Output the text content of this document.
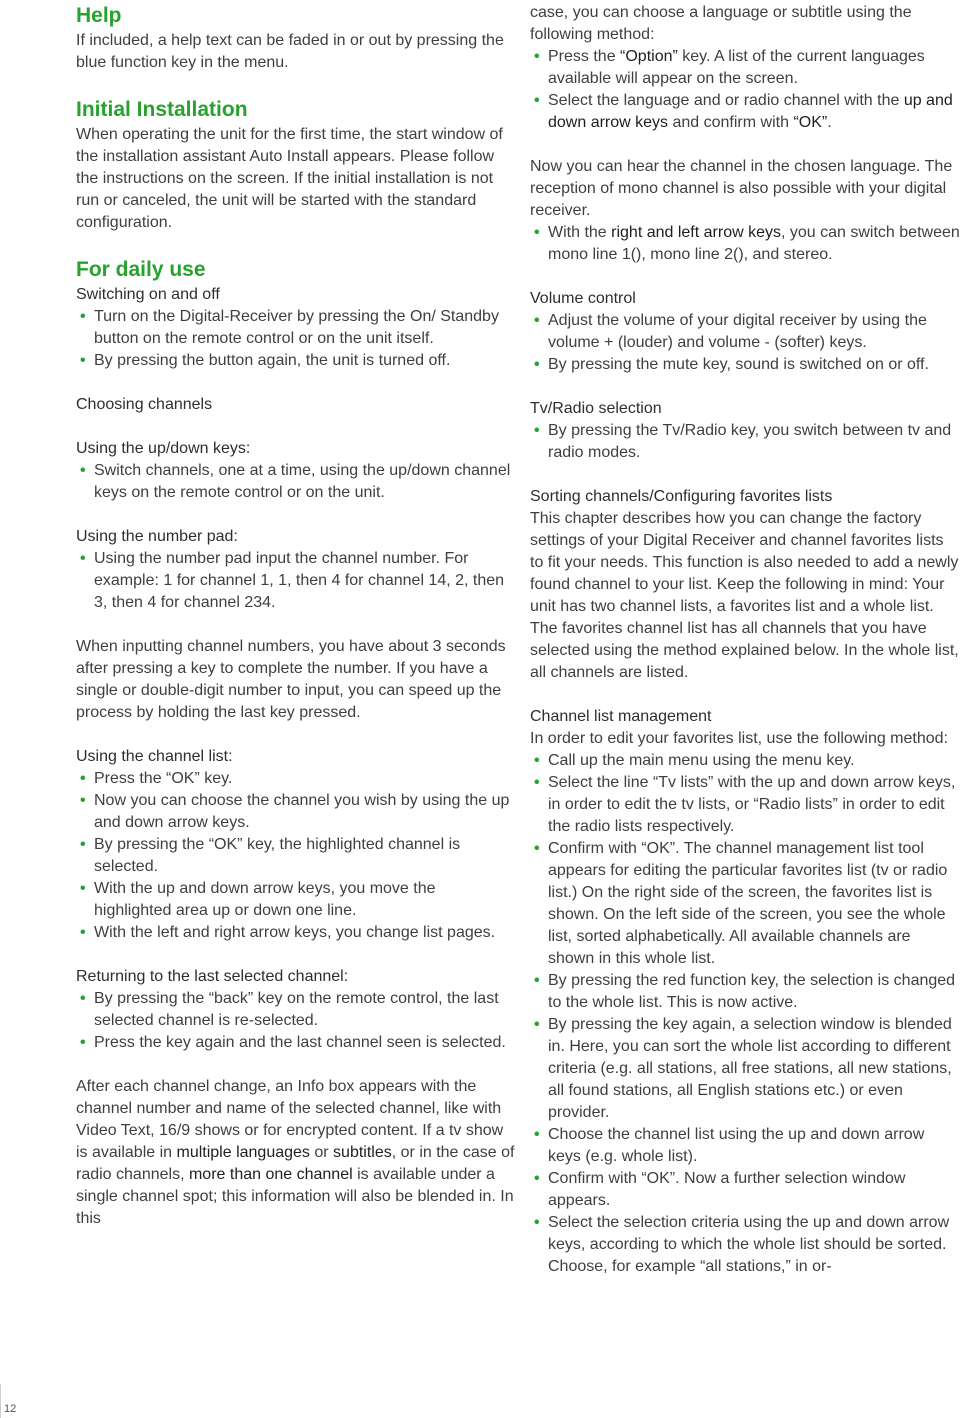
Help

If included, a help text can be faded in or out by pressing the blue function key in the menu.

Initial Installation

When operating the unit for the first time, the start window of the installation assistant Auto Install appears. Please follow the instructions on the screen. If the initial installation is not run or canceled, the unit will be started with the standard configuration.

For daily use
Switching on and off
• Turn on the Digital-Receiver by pressing the On/ Standby button on the remote control or on the unit itself.
• By pressing the button again, the unit is turned off.
Choosing channels
Using the up/down keys:
• Switch channels, one at a time, using the up/down channel keys on the remote control or on the unit.
Using the number pad:
• Using the number pad input the channel number. For example: 1 for channel 1, 1, then 4 for channel 14, 2, then 3, then 4 for channel 234.

When inputting channel numbers, you have about 3 seconds after pressing a key to complete the number. If you have a single or double-digit number to input, you can speed up the process by holding the last key pressed.

Using the channel list:
• Press the “OK” key.
• Now you can choose the channel you wish by using the up and down arrow keys.
• By pressing the “OK” key, the highlighted channel is selected.
• With the up and down arrow keys, you move the highlighted area up or down one line.
• With the left and right arrow keys, you change list pages.
Returning to the last selected channel:
• By pressing the “back” key on the remote control, the last selected channel is re-selected.
• Press the key again and the last channel seen is selected.

After each channel change, an Info box appears with the channel number and name of the selected channel, like with Video Text, 16/9 shows or for encrypted content. If a tv show is available in multiple languages or subtitles, or in the case of radio channels, more than one channel is available under a single channel spot; this information will also be blended in. In this

case, you can choose a language or subtitle using the following method:

• Press the “Option” key. A list of the current languages available will appear on the screen.
• Select the language and or radio channel with the up and down arrow keys and confirm with “OK”.

Now you can hear the channel in the chosen language. The reception of mono channel is also possible with your digital receiver.

• With the right and left arrow keys, you can switch between mono line 1(), mono line 2(), and stereo.
Volume control
• Adjust the volume of your digital receiver by using the volume + (louder) and volume - (softer) keys.
• By pressing the mute key, sound is switched on or off.
Tv/Radio selection
• By pressing the Tv/Radio key, you switch between tv and radio modes.
Sorting channels/Configuring favorites lists

This chapter describes how you can change the factory settings of your Digital Receiver and channel favorites lists to fit your needs. This function is also needed to add a newly found channel to your list. Keep the following in mind: Your unit has two channel lists, a favorites list and a whole list. The favorites channel list has all channels that you have selected using the method explained below. In the whole list, all channels are listed.

Channel list management

In order to edit your favorites list, use the following method:

• Call up the main menu using the menu key.
• Select the line “Tv lists” with the up and down arrow keys, in order to edit the tv lists, or “Radio lists” in order to edit the radio lists respectively.
• Confirm with “OK”. The channel management list tool appears for editing the particular favorites list (tv or radio list.) On the right side of the screen, the favorites list is shown. On the left side of the screen, you see the whole list, sorted alphabetically. All available channels are shown in this whole list.
• By pressing the red function key, the selection is changed to the whole list. This is now active.
• By pressing the key again, a selection window is blended in. Here, you can sort the whole list according to different criteria (e.g. all stations, all free stations, all new stations, all found stations, all English stations etc.) or even provider.
• Choose the channel list using the up and down arrow keys (e.g. whole list).
• Confirm with “OK”. Now a further selection window appears.
• Select the selection criteria using the up and down arrow keys, according to which the whole list should be sorted. Choose, for example “all stations,” in or-
12
